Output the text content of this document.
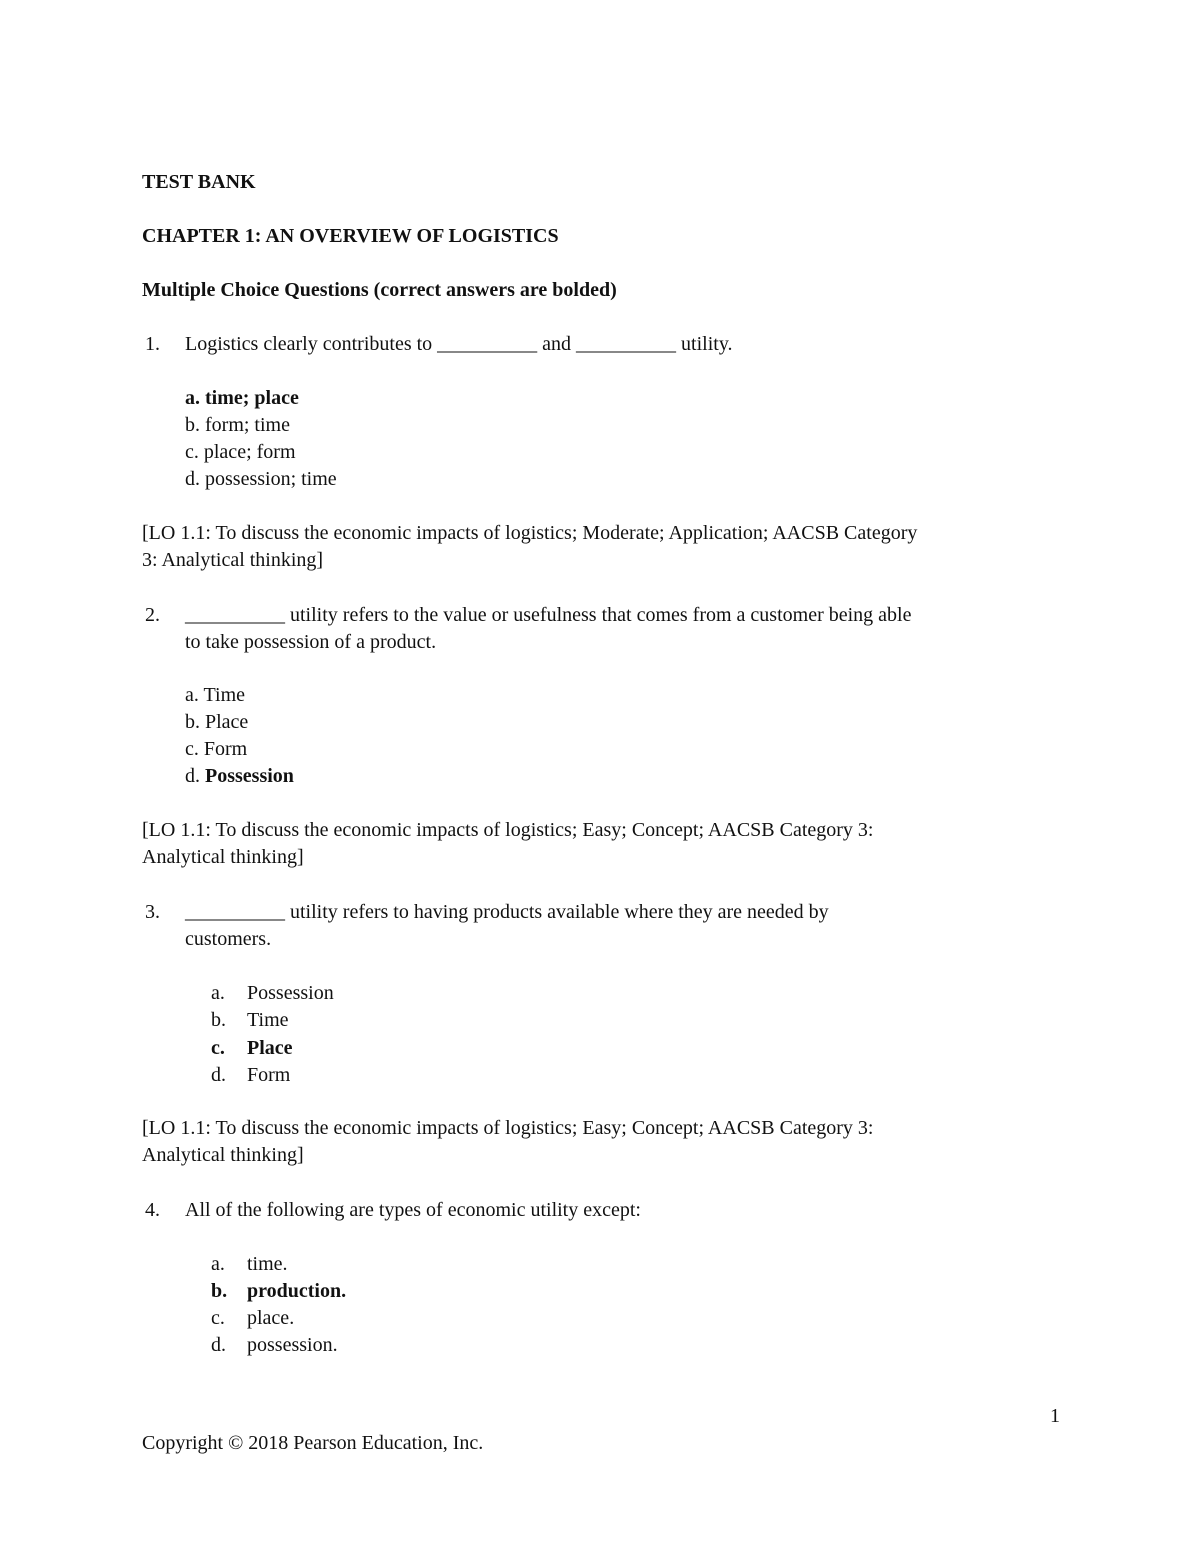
TEST BANK
CHAPTER 1: AN OVERVIEW OF LOGISTICS
Multiple Choice Questions (correct answers are bolded)
1. Logistics clearly contributes to __________ and __________ utility.
a. time; place
b. form; time
c. place; form
d. possession; time
[LO 1.1: To discuss the economic impacts of logistics; Moderate; Application; AACSB Category
3: Analytical thinking]
2. __________ utility refers to the value or usefulness that comes from a customer being able
to take possession of a product.
a. Time
b. Place
c. Form
d. Possession
[LO 1.1: To discuss the economic impacts of logistics; Easy; Concept; AACSB Category 3:
Analytical thinking]
3. __________ utility refers to having products available where they are needed by
customers.
a. Possession
b. Time
c. Place
d. Form
[LO 1.1: To discuss the economic impacts of logistics; Easy; Concept; AACSB Category 3:
Analytical thinking]
4. All of the following are types of economic utility except:
a. time.
b. production.
c. place.
d. possession.
1
Copyright © 2018 Pearson Education, Inc.
